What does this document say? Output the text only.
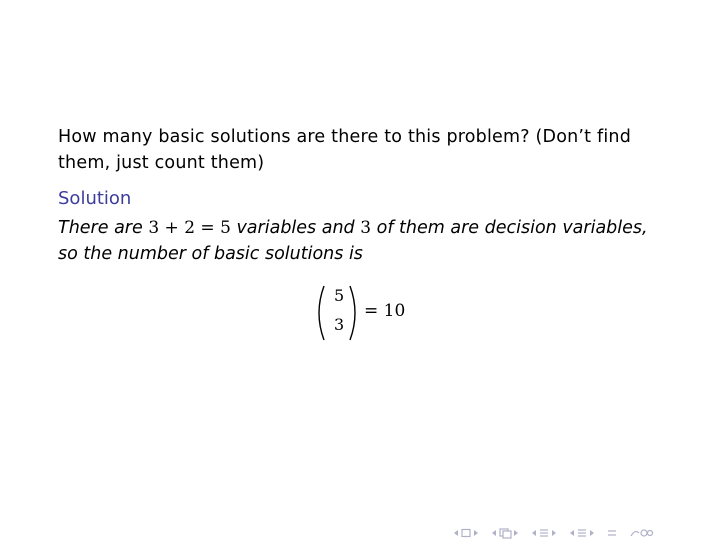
How many basic solutions are there to this problem? (Don’t find
them, just count them)
Solution
There are 3 + 2 = 5 variables and 3 of them are decision variables,
so the number of basic solutions is
5
3
= 10
